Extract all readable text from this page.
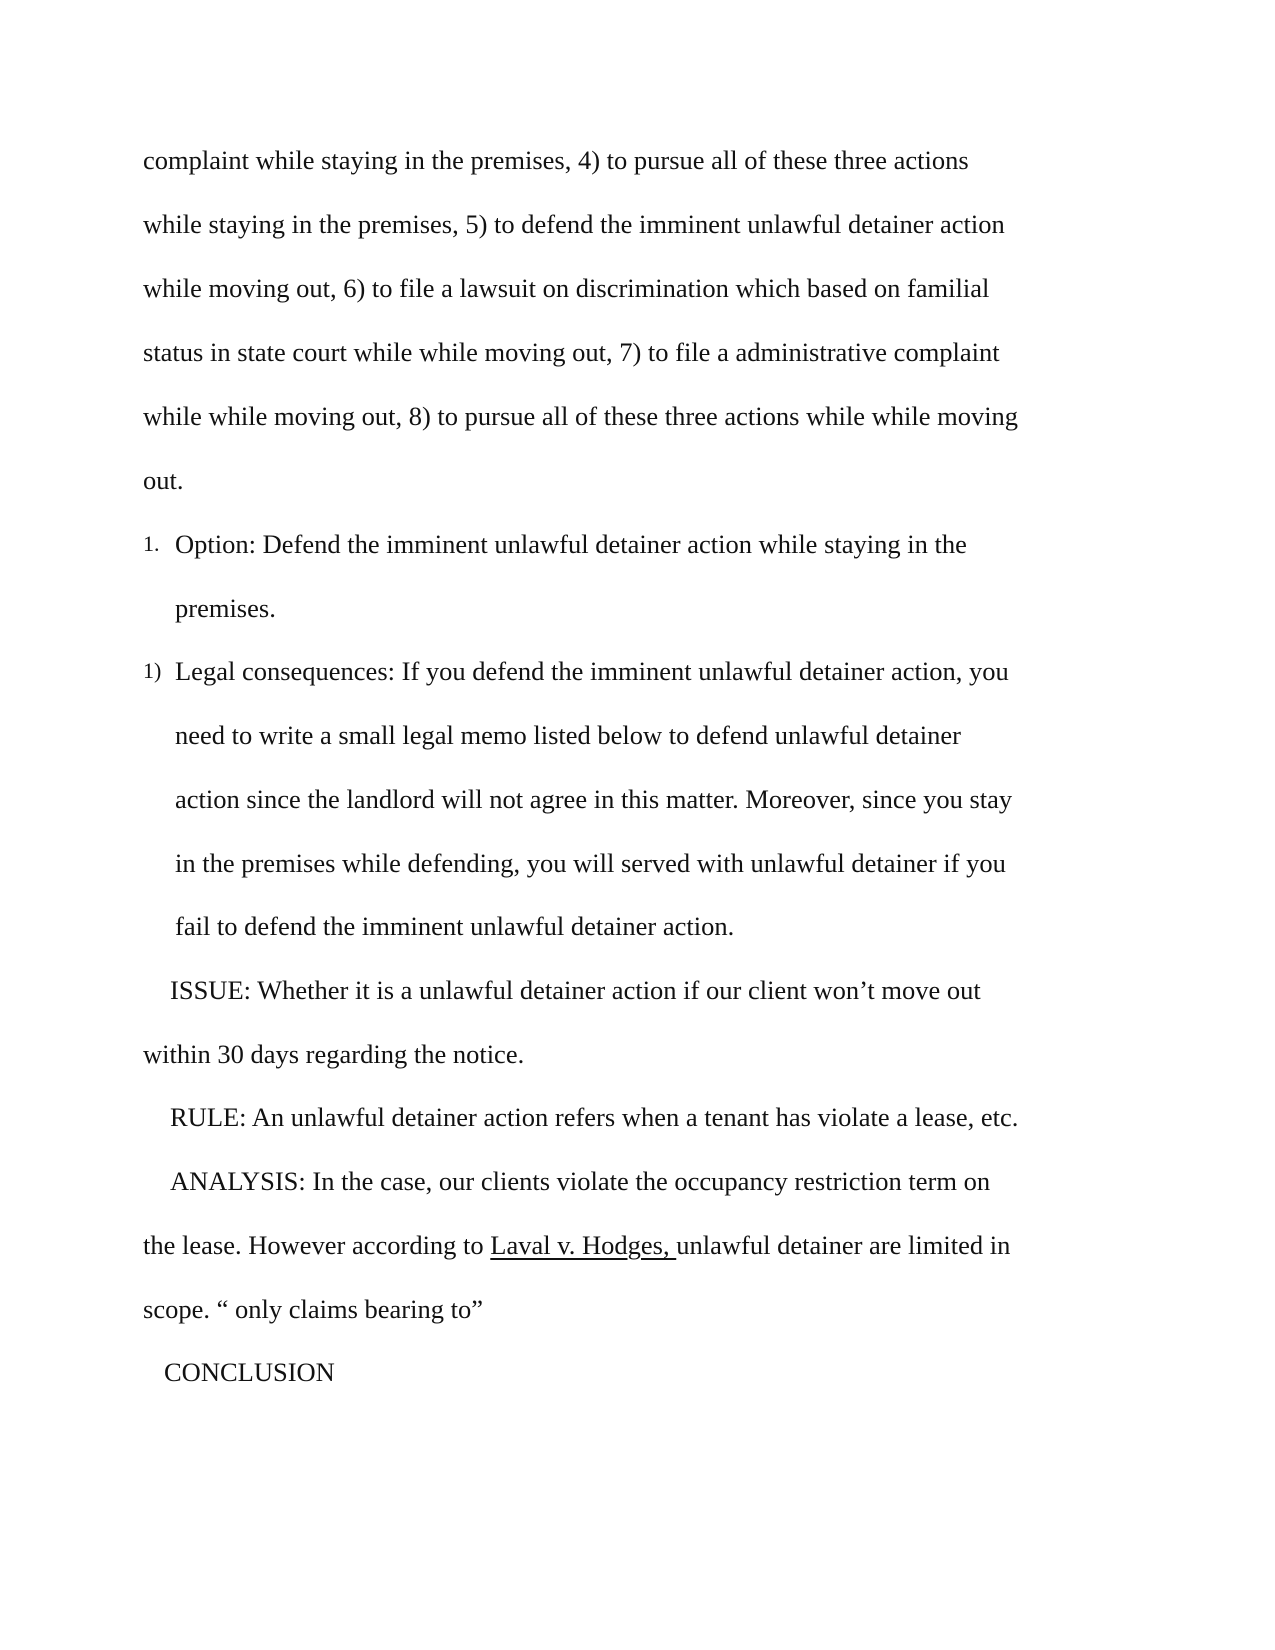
complaint while staying in the premises, 4) to pursue all of these three actions
while staying in the premises, 5) to defend the imminent unlawful detainer action
while moving out, 6) to file a lawsuit on discrimination which based on familial
status in state court while while moving out, 7) to file a administrative complaint
while while moving out, 8) to pursue all of these three actions while while moving
out.
1. Option: Defend the imminent unlawful detainer action while staying in the
premises.
1) Legal consequences: If you defend the imminent unlawful detainer action, you
need to write a small legal memo listed below to defend unlawful detainer
action since the landlord will not agree in this matter. Moreover, since you stay
in the premises while defending, you will served with unlawful detainer if you
fail to defend the imminent unlawful detainer action.
ISSUE: Whether it is a unlawful detainer action if our client won’t move out
within 30 days regarding the notice.
RULE: An unlawful detainer action refers when a tenant has violate a lease, etc.
ANALYSIS: In the case, our clients violate the occupancy restriction term on
the lease. However according to Laval v. Hodges, unlawful detainer are limited in
scope. “ only claims bearing to”
CONCLUSION
